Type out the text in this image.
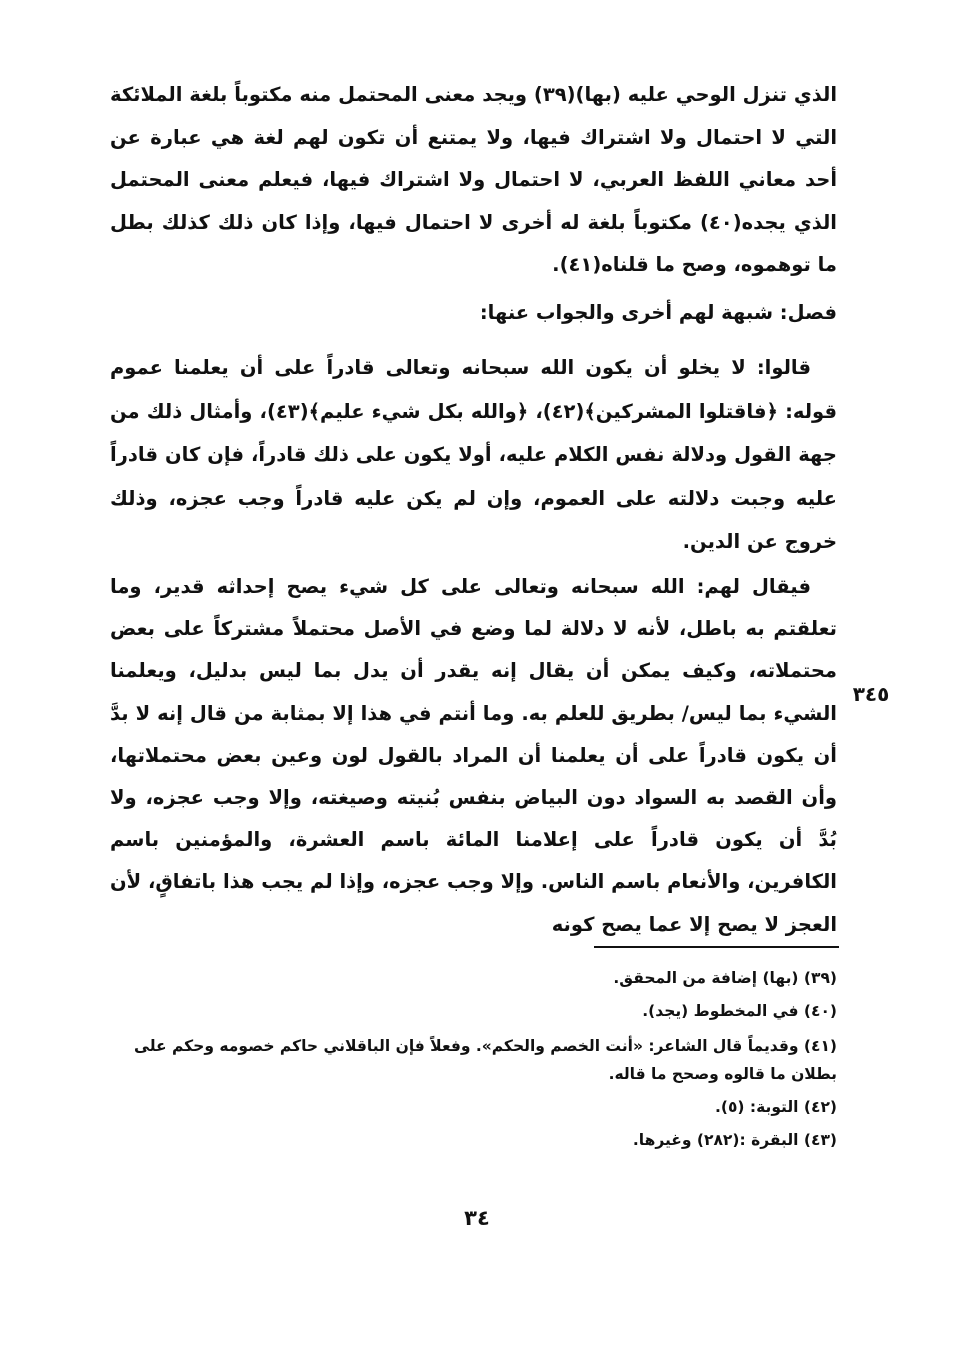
الذي تنزل الوحي عليه (بها)(٣٩) ويجد معنى المحتمل منه مكتوباً بلغة الملائكة التي لا احتمال ولا اشتراك فيها، ولا يمتنع أن تكون لهم لغة هي عبارة عن أحد معاني اللفظ العربي، لا احتمال ولا اشتراك فيها، فيعلم معنى المحتمل الذي يجده(٤٠) مكتوباً بلغة له أخرى لا احتمال فيها، وإذا كان ذلك كذلك بطل ما توهموه، وصح ما قلناه(٤١).

فصل: شبهة لهم أخرى والجواب عنها:

قالوا: لا يخلو أن يكون الله سبحانه وتعالى قادراً على أن يعلمنا عموم قوله: ﴿فاقتلوا المشركين﴾(٤٢)، ﴿والله بكل شيء عليم﴾(٤٣)، وأمثال ذلك من جهة القول ودلالة نفس الكلام عليه، أولا يكون على ذلك قادراً، فإن كان قادراً عليه وجبت دلالته على العموم، وإن لم يكن عليه قادراً وجب عجزه، وذلك خروج عن الدين.

فيقال لهم: الله سبحانه وتعالى على كل شيء يصح إحداثه قدير، وما تعلقتم به باطل، لأنه لا دلالة لما وضع في الأصل محتملاً مشتركاً على بعض محتملاته، وكيف يمكن أن يقال إنه يقدر أن يدل بما ليس بدليل، ويعلمنا الشيء بما ليس/ بطريق للعلم به. وما أنتم في هذا إلا بمثابة من قال إنه لا بدَّ أن يكون قادراً على أن يعلمنا أن المراد بالقول لون وعين بعض محتملاتها، وأن القصد به السواد دون البياض بنفس بُنيته وصيغته، وإلا وجب عجزه، ولا بُدَّ أن يكون قادراً على إعلامنا المائة باسم العشرة، والمؤمنين باسم الكافرين، والأنعام باسم الناس. وإلا وجب عجزه، وإذا لم يجب هذا باتفاقٍ، لأن العجز لا يصح إلا عما يصح كونه

٣٤٥

(٣٩) (بها) إضافة من المحقق.

(٤٠) في المخطوط (يجد).

(٤١) وقديماً قال الشاعر: «أنت الخصم والحكم». وفعلاً فإن الباقلاني حاكم خصومه وحكم على بطلان ما قالوه وصحح ما قاله.

(٤٢) التوبة: (٥).

(٤٣) البقرة :(٢٨٢) وغيرها.

٣٤
